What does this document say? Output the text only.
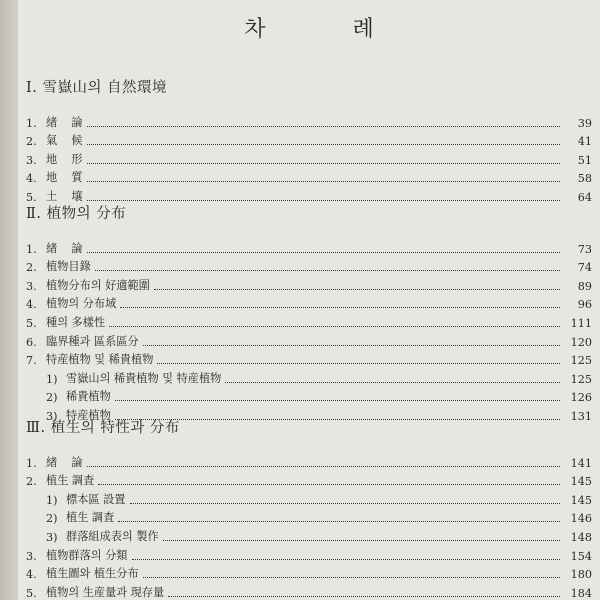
차 례
Ⅰ. 雪嶽山의 自然環境
1. 緖    論	39
2. 氣    候	41
3. 地    形	51
4. 地    質	58
5. 土    壤	64
Ⅱ. 植物의 分布
1. 緖    論	73
2. 植物目錄	74
3. 植物分布의 好適範圍	89
4. 植物의 分布域	96
5. 種의 多樣性	111
6. 臨界種과 區系區分	120
7. 特産植物 및 稀貴植物	125
1) 雪嶽山의 稀貴植物 및 特産植物	125
2) 稀貴植物	126
3) 特産植物	131
Ⅲ. 植生의 特性과 分布
1. 緖    論	141
2. 植生 調査	145
1) 標本區 設置	145
2) 植生 調査	146
3) 群落組成表의 製作	148
3. 植物群落의 分類	154
4. 植生圖와 植生分布	180
5. 植物의 生産量과 現存量	184
